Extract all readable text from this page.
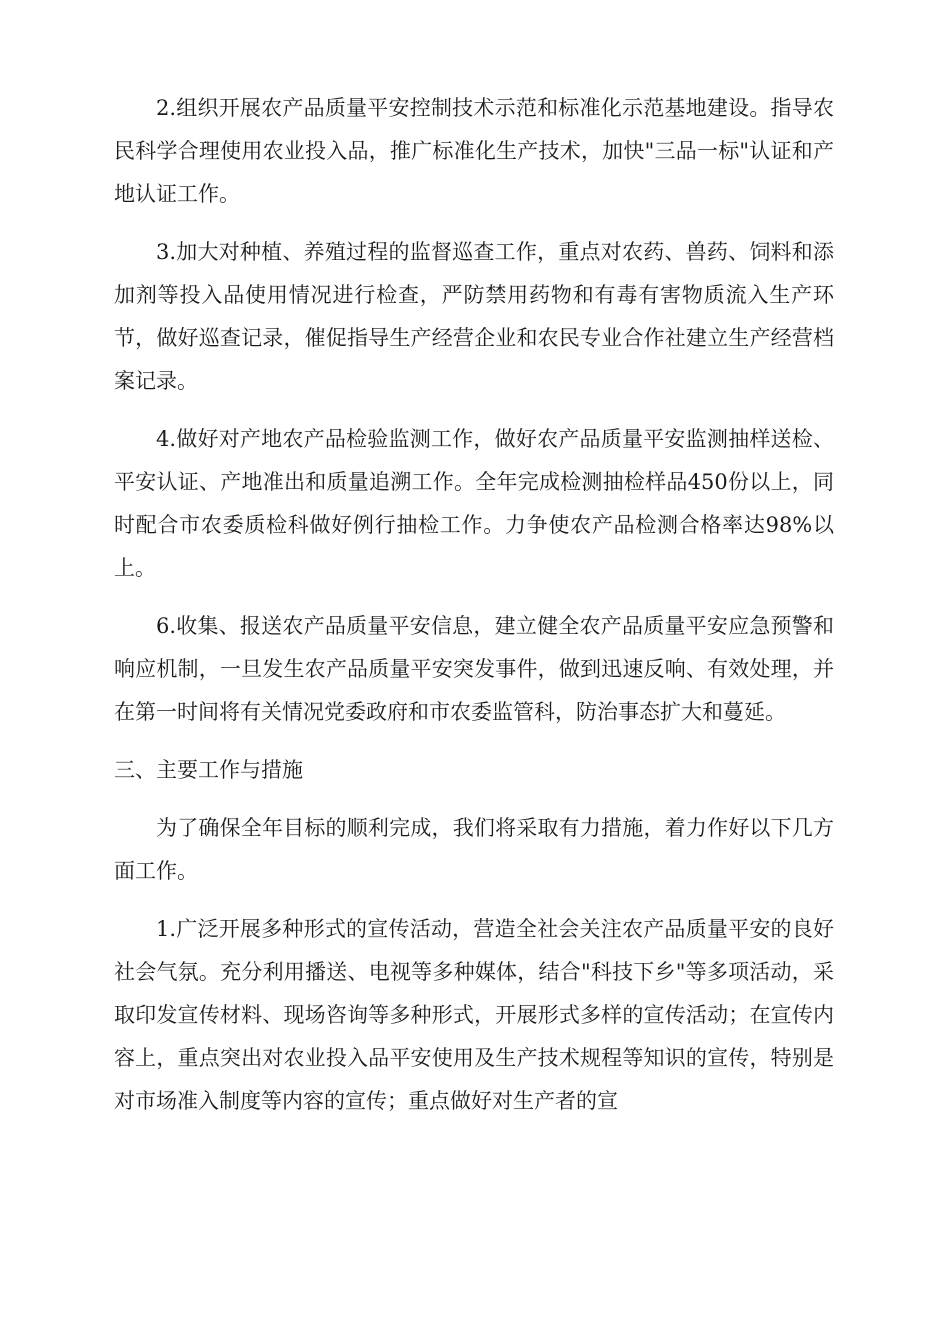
2.组织开展农产品质量平安控制技术示范和标准化示范基地建设。指导农民科学合理使用农业投入品，推广标准化生产技术，加快"三品一标"认证和产地认证工作。

3.加大对种植、养殖过程的监督巡查工作，重点对农药、兽药、饲料和添加剂等投入品使用情况进行检查，严防禁用药物和有毒有害物质流入生产环节，做好巡查记录，催促指导生产经营企业和农民专业合作社建立生产经营档案记录。

4.做好对产地农产品检验监测工作，做好农产品质量平安监测抽样送检、平安认证、产地准出和质量追溯工作。全年完成检测抽检样品450份以上，同时配合市农委质检科做好例行抽检工作。力争使农产品检测合格率达98%以上。

6.收集、报送农产品质量平安信息，建立健全农产品质量平安应急预警和响应机制，一旦发生农产品质量平安突发事件，做到迅速反响、有效处理，并在第一时间将有关情况党委政府和市农委监管科，防治事态扩大和蔓延。

三、主要工作与措施

为了确保全年目标的顺利完成，我们将采取有力措施，着力作好以下几方面工作。

1.广泛开展多种形式的宣传活动，营造全社会关注农产品质量平安的良好社会气氛。充分利用播送、电视等多种媒体，结合"科技下乡"等多项活动，采取印发宣传材料、现场咨询等多种形式，开展形式多样的宣传活动；在宣传内容上，重点突出对农业投入品平安使用及生产技术规程等知识的宣传，特别是对市场准入制度等内容的宣传；重点做好对生产者的宣
